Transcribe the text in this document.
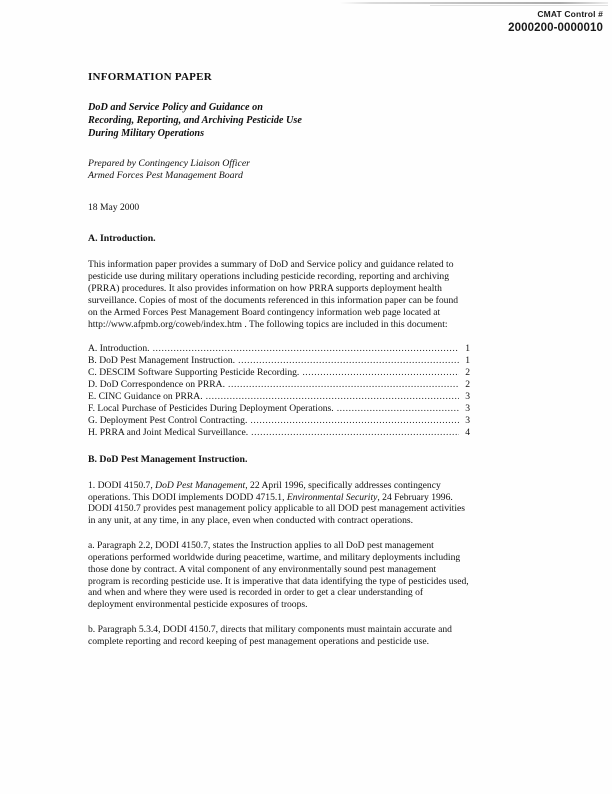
CMAT Control #
2000200-0000010
INFORMATION PAPER
DoD and Service Policy and Guidance on
Recording, Reporting, and Archiving Pesticide Use
During Military Operations
Prepared by Contingency Liaison Officer
Armed Forces Pest Management Board
18 May 2000
A. Introduction.
This information paper provides a summary of DoD and Service policy and guidance related to pesticide use during military operations including pesticide recording, reporting and archiving (PRRA) procedures. It also provides information on how PRRA supports deployment health surveillance. Copies of most of the documents referenced in this information paper can be found on the Armed Forces Pest Management Board contingency information web page located at http://www.afpmb.org/coweb/index.htm . The following topics are included in this document:
A. Introduction. .....	1
B. DoD Pest Management Instruction. .....	1
C. DESCIM Software Supporting Pesticide Recording. .....	2
D. DoD Correspondence on PRRA. .....	2
E. CINC Guidance on PRRA. .....	3
F. Local Purchase of Pesticides During Deployment Operations. .....	3
G. Deployment Pest Control Contracting. .....	3
H. PRRA and Joint Medical Surveillance. .....	4
B. DoD Pest Management Instruction.
1. DODI 4150.7, DoD Pest Management, 22 April 1996, specifically addresses contingency operations. This DODI implements DODD 4715.1, Environmental Security, 24 February 1996. DODI 4150.7 provides pest management policy applicable to all DOD pest management activities in any unit, at any time, in any place, even when conducted with contract operations.
a. Paragraph 2.2, DODI 4150.7, states the Instruction applies to all DoD pest management operations performed worldwide during peacetime, wartime, and military deployments including those done by contract. A vital component of any environmentally sound pest management program is recording pesticide use. It is imperative that data identifying the type of pesticides used, and when and where they were used is recorded in order to get a clear understanding of deployment environmental pesticide exposures of troops.
b. Paragraph 5.3.4, DODI 4150.7, directs that military components must maintain accurate and complete reporting and record keeping of pest management operations and pesticide use.
